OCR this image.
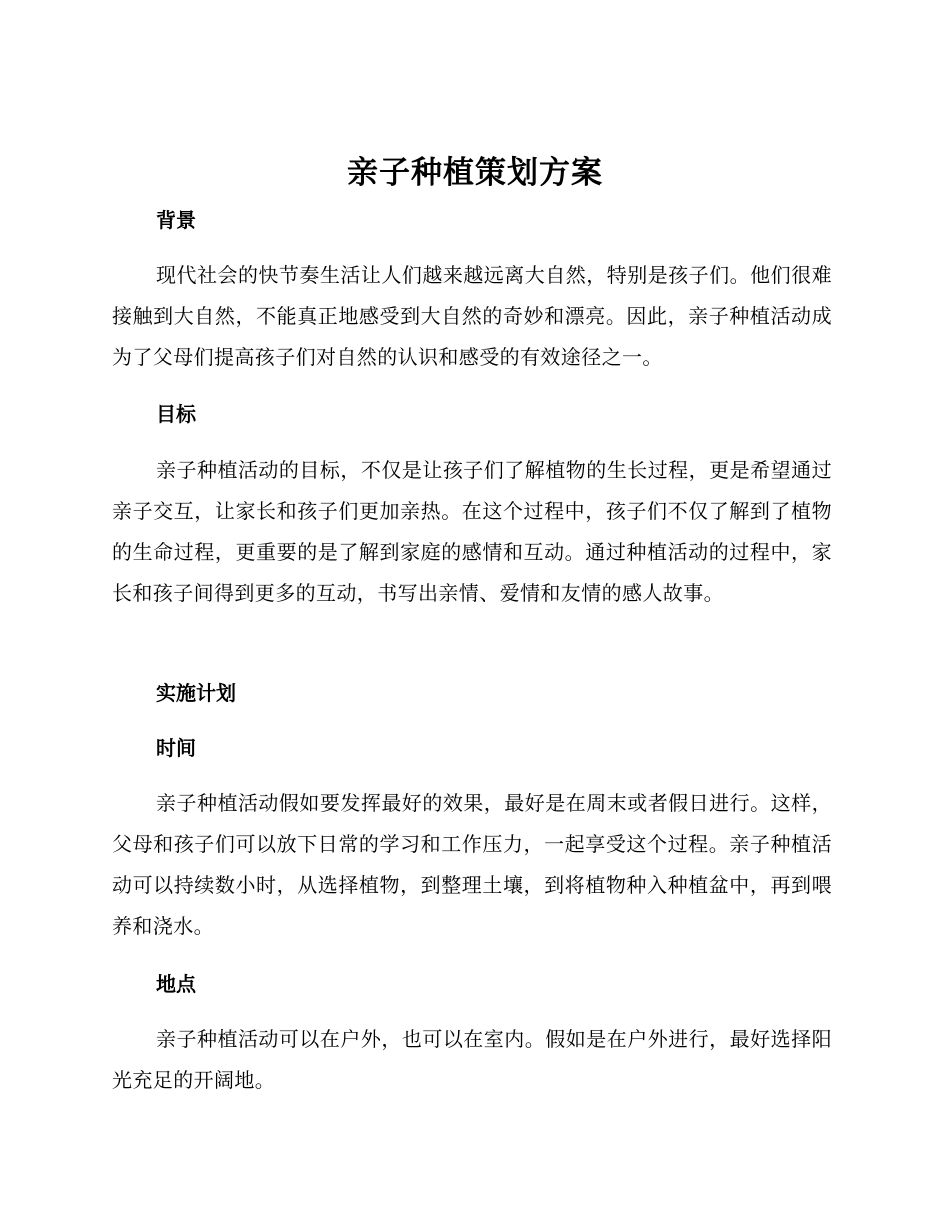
亲子种植策划方案
背景

现代社会的快节奏生活让人们越来越远离大自然，特别是孩子们。他们很难接触到大自然，不能真正地感受到大自然的奇妙和漂亮。因此，亲子种植活动成为了父母们提高孩子们对自然的认识和感受的有效途径之一。

目标

亲子种植活动的目标，不仅是让孩子们了解植物的生长过程，更是希望通过亲子交互，让家长和孩子们更加亲热。在这个过程中，孩子们不仅了解到了植物的生命过程，更重要的是了解到家庭的感情和互动。通过种植活动的过程中，家长和孩子间得到更多的互动，书写出亲情、爱情和友情的感人故事。

实施计划
时间

亲子种植活动假如要发挥最好的效果，最好是在周末或者假日进行。这样，父母和孩子们可以放下日常的学习和工作压力，一起享受这个过程。亲子种植活动可以持续数小时，从选择植物，到整理土壤，到将植物种入种植盆中，再到喂养和浇水。

地点

亲子种植活动可以在户外，也可以在室内。假如是在户外进行，最好选择阳光充足的开阔地。
